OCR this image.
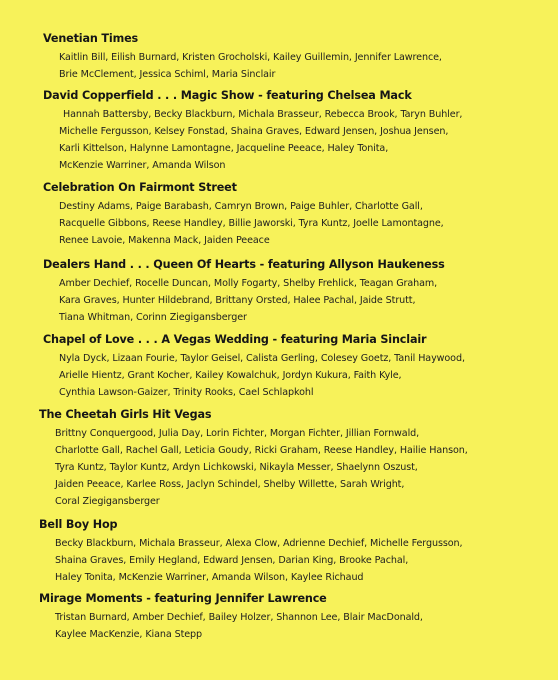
Venetian Times
Kaitlin Bill, Eilish Burnard, Kristen Grocholski, Kailey Guillemin, Jennifer Lawrence,
Brie McClement, Jessica Schiml, Maria Sinclair
David Copperfield . . . Magic Show - featuring Chelsea Mack
Hannah Battersby, Becky Blackburn, Michala Brasseur, Rebecca Brook, Taryn Buhler,
Michelle Fergusson, Kelsey Fonstad, Shaina Graves, Edward Jensen, Joshua Jensen,
Karli Kittelson, Halynne Lamontagne, Jacqueline Peeace, Haley Tonita,
McKenzie Warriner, Amanda Wilson
Celebration On Fairmont Street
Destiny Adams, Paige Barabash, Camryn Brown, Paige Buhler, Charlotte Gall,
Racquelle Gibbons, Reese Handley, Billie Jaworski, Tyra Kuntz, Joelle Lamontagne,
Renee Lavoie, Makenna Mack, Jaiden Peeace
Dealers Hand . . . Queen Of Hearts - featuring Allyson Haukeness
Amber Dechief, Rocelle Duncan, Molly Fogarty, Shelby Frehlick, Teagan Graham,
Kara Graves, Hunter Hildebrand, Brittany Orsted, Halee Pachal, Jaide Strutt,
Tiana Whitman, Corinn Ziegigansberger
Chapel of Love . . . A Vegas Wedding - featuring Maria Sinclair
Nyla Dyck, Lizaan Fourie, Taylor Geisel, Calista Gerling, Colesey Goetz, Tanil Haywood,
Arielle Hientz, Grant Kocher, Kailey Kowalchuk, Jordyn Kukura, Faith Kyle,
Cynthia Lawson-Gaizer, Trinity Rooks, Cael Schlapkohl
The Cheetah Girls Hit Vegas
Brittny Conquergood, Julia Day, Lorin Fichter, Morgan Fichter, Jillian Fornwald,
Charlotte Gall, Rachel Gall, Leticia Goudy, Ricki Graham, Reese Handley, Hailie Hanson,
Tyra Kuntz, Taylor Kuntz, Ardyn Lichkowski, Nikayla Messer, Shaelynn Oszust,
Jaiden Peeace, Karlee Ross, Jaclyn Schindel, Shelby Willette, Sarah Wright,
Coral Ziegigansberger
Bell Boy Hop
Becky Blackburn, Michala Brasseur, Alexa Clow, Adrienne Dechief, Michelle Fergusson,
Shaina Graves, Emily Hegland, Edward Jensen, Darian King, Brooke Pachal,
Haley Tonita, McKenzie Warriner, Amanda Wilson, Kaylee Richaud
Mirage Moments - featuring Jennifer Lawrence
Tristan Burnard, Amber Dechief, Bailey Holzer, Shannon Lee, Blair MacDonald,
Kaylee MacKenzie, Kiana Stepp
